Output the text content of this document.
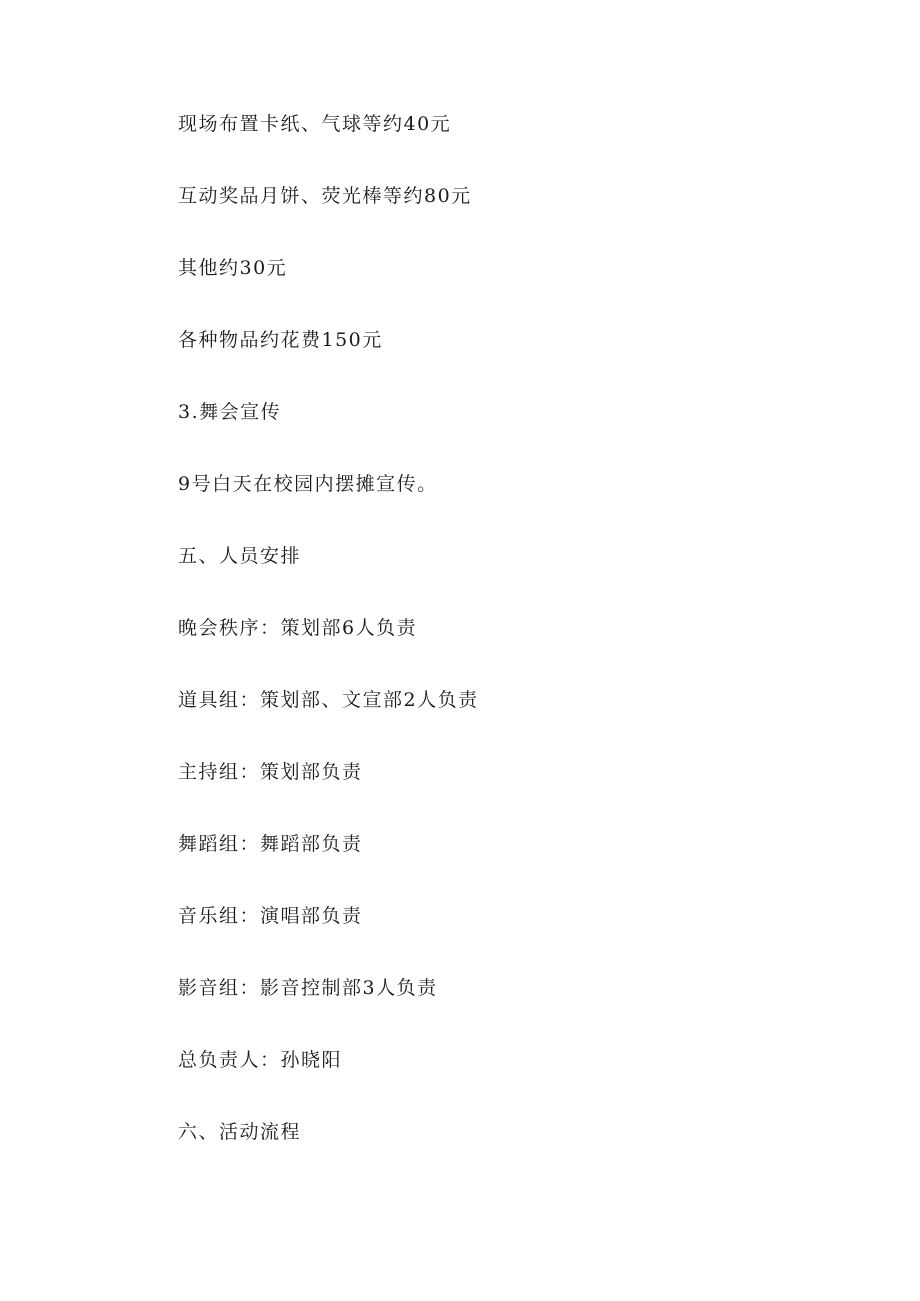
现场布置卡纸、气球等约40元
互动奖品月饼、荧光棒等约80元
其他约30元
各种物品约花费150元
3.舞会宣传
9号白天在校园内摆摊宣传。
五、人员安排
晚会秩序：策划部6人负责
道具组：策划部、文宣部2人负责
主持组：策划部负责
舞蹈组：舞蹈部负责
音乐组：演唱部负责
影音组：影音控制部3人负责
总负责人：孙晓阳
六、活动流程
